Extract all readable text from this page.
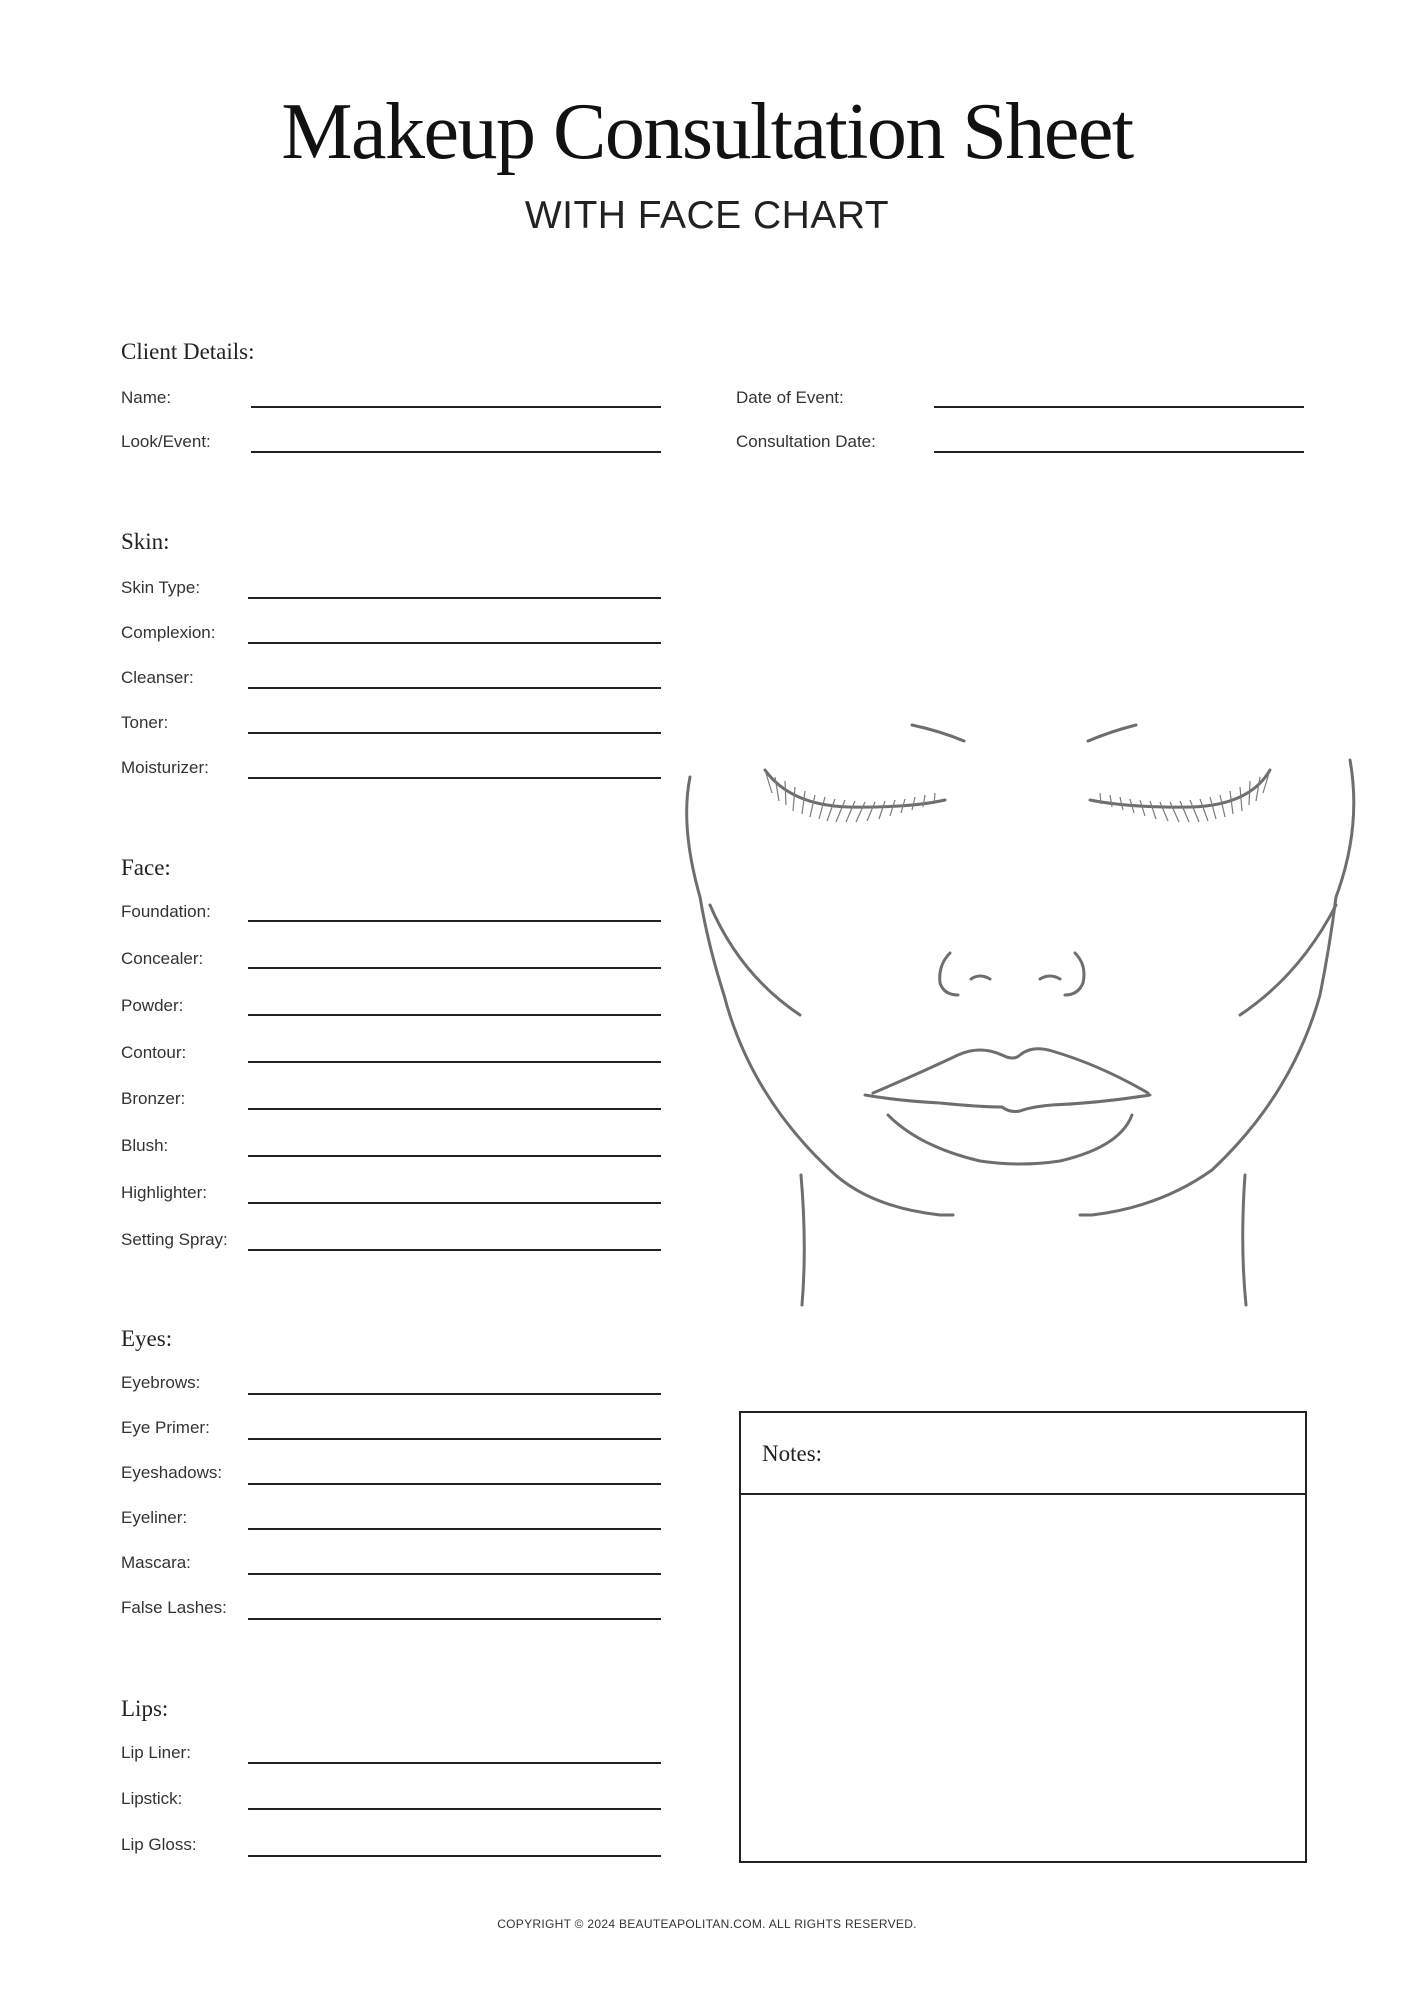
Makeup Consultation Sheet
WITH FACE CHART
Client Details:
Name:
Look/Event:
Date of Event:
Consultation Date:
Skin:
Skin Type:
Complexion:
Cleanser:
Toner:
Moisturizer:
Face:
Foundation:
Concealer:
Powder:
Contour:
Bronzer:
Blush:
Highlighter:
Setting Spray:
Eyes:
Eyebrows:
Eye Primer:
Eyeshadows:
Eyeliner:
Mascara:
False Lashes:
Lips:
Lip Liner:
Lipstick:
Lip Gloss:
Notes:
COPYRIGHT © 2024 BEAUTEAPOLITAN.COM. ALL RIGHTS RESERVED.
